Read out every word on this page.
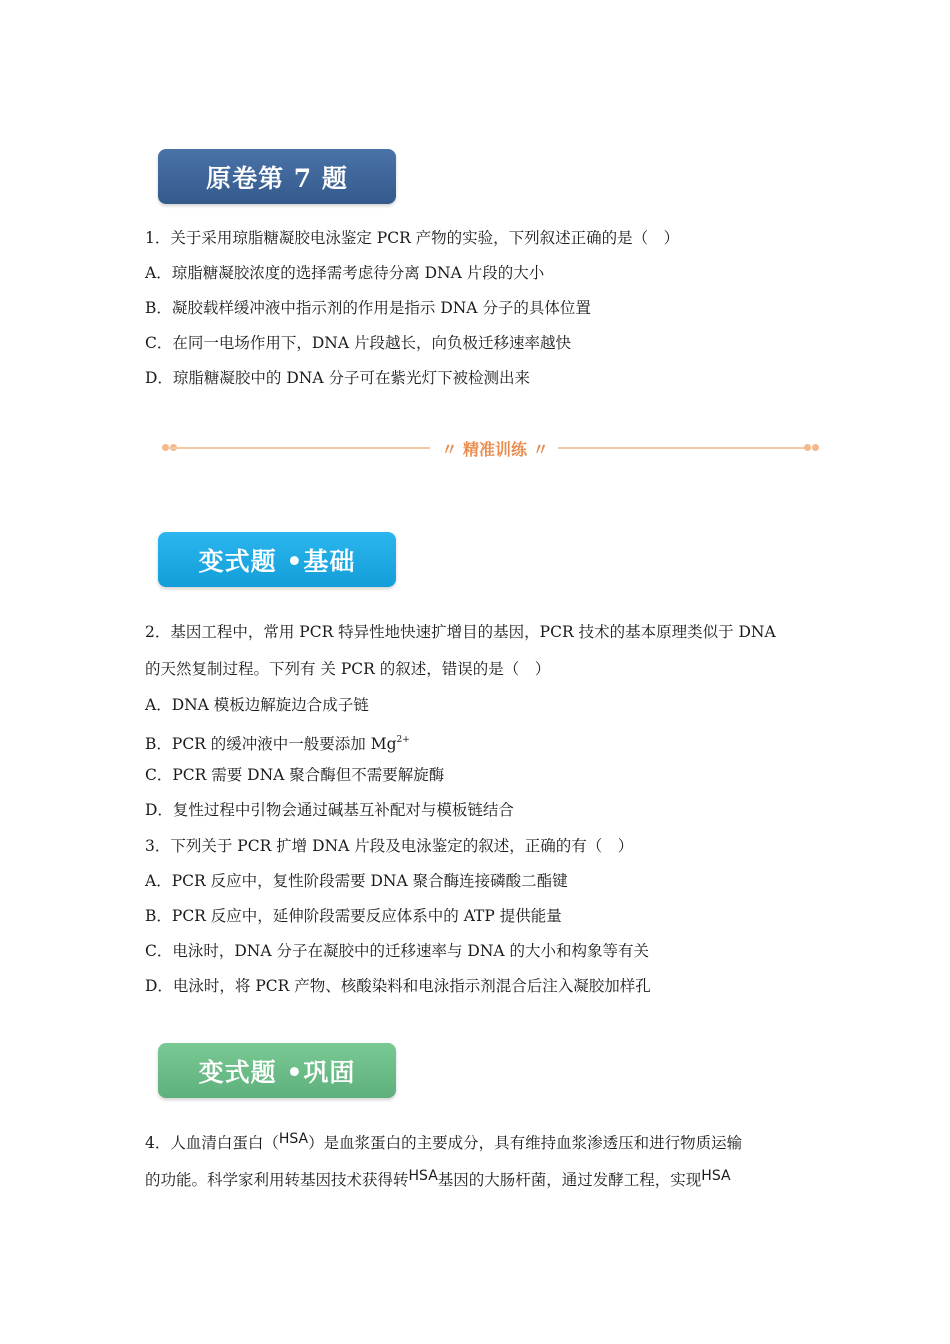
原卷第 7 题
1．关于采用琼脂糖凝胶电泳鉴定 PCR 产物的实验，下列叙述正确的是（　）
A．琼脂糖凝胶浓度的选择需考虑待分离 DNA 片段的大小
B．凝胶载样缓冲液中指示剂的作用是指示 DNA 分子的具体位置
C．在同一电场作用下，DNA 片段越长，向负极迁移速率越快
D．琼脂糖凝胶中的 DNA 分子可在紫光灯下被检测出来
〃 精准训练 〃
变式题 •基础
2．基因工程中，常用 PCR 特异性地快速扩增目的基因，PCR 技术的基本原理类似于 DNA
的天然复制过程。下列有 关 PCR 的叙述，错误的是（　）
A．DNA 模板边解旋边合成子链
B．PCR 的缓冲液中一般要添加 $Mg^{2+}$
C．PCR 需要 DNA 聚合酶但不需要解旋酶
D．复性过程中引物会通过碱基互补配对与模板链结合
3．下列关于 PCR 扩增 DNA 片段及电泳鉴定的叙述，正确的有（　）
A．PCR 反应中，复性阶段需要 DNA 聚合酶连接磷酸二酯键
B．PCR 反应中，延伸阶段需要反应体系中的 ATP 提供能量
C．电泳时，DNA 分子在凝胶中的迁移速率与 DNA 的大小和构象等有关
D．电泳时，将 PCR 产物、核酸染料和电泳指示剂混合后注入凝胶加样孔
变式题 •巩固
4．人血清白蛋白（HSA）是血浆蛋白的主要成分，具有维持血浆渗透压和进行物质运输
的功能。科学家利用转基因技术获得转HSA基因的大肠杆菌，通过发酵工程，实现HSA
